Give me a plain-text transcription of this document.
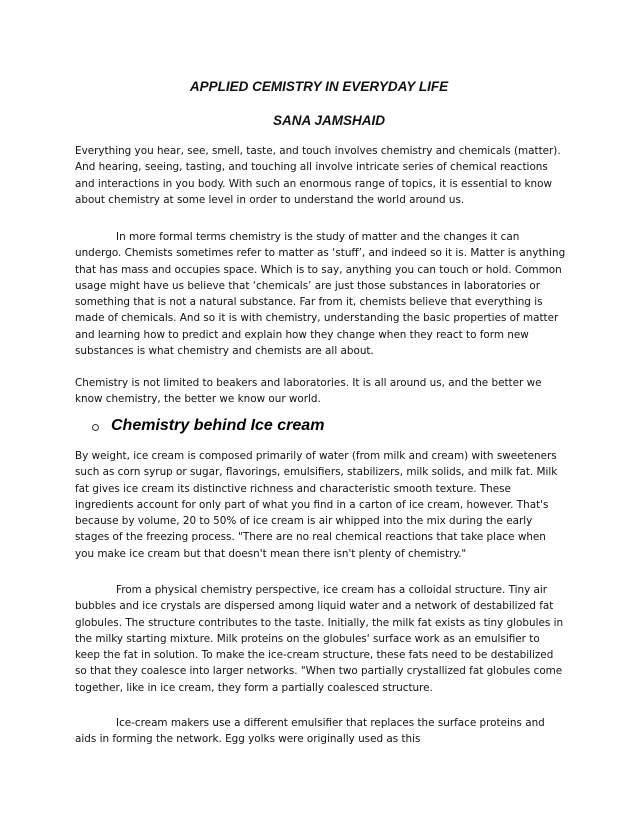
APPLIED CEMISTRY IN EVERYDAY LIFE
SANA JAMSHAID

Everything you hear, see, smell, taste, and touch involves chemistry and chemicals (matter). And hearing, seeing, tasting, and touching all involve intricate series of chemical reactions and interactions in you body. With such an enormous range of topics, it is essential to know about chemistry at some level in order to understand the world around us.

In more formal terms chemistry is the study of matter and the changes it can undergo. Chemists sometimes refer to matter as ‘stuff’, and indeed so it is. Matter is anything that has mass and occupies space. Which is to say, anything you can touch or hold. Common usage might have us believe that ‘chemicals’ are just those substances in laboratories or something that is not a natural substance. Far from it, chemists believe that everything is made of chemicals. And so it is with chemistry, understanding the basic properties of matter and learning how to predict and explain how they change when they react to form new substances is what chemistry and chemists are all about.

Chemistry is not limited to beakers and laboratories. It is all around us, and the better we know chemistry, the better we know our world.

Chemistry behind Ice cream

By weight, ice cream is composed primarily of water (from milk and cream) with sweeteners such as corn syrup or sugar, flavorings, emulsifiers, stabilizers, milk solids, and milk fat. Milk fat gives ice cream its distinctive richness and characteristic smooth texture. These ingredients account for only part of what you find in a carton of ice cream, however. That's because by volume, 20 to 50% of ice cream is air whipped into the mix during the early stages of the freezing process. "There are no real chemical reactions that take place when you make ice cream but that doesn't mean there isn't plenty of chemistry."

From a physical chemistry perspective, ice cream has a colloidal structure. Tiny air bubbles and ice crystals are dispersed among liquid water and a network of destabilized fat globules. The structure contributes to the taste. Initially, the milk fat exists as tiny globules in the milky starting mixture. Milk proteins on the globules' surface work as an emulsifier to keep the fat in solution. To make the ice-cream structure, these fats need to be destabilized so that they coalesce into larger networks. "When two partially crystallized fat globules come together, like in ice cream, they form a partially coalesced structure.

Ice-cream makers use a different emulsifier that replaces the surface proteins and aids in forming the network. Egg yolks were originally used as this
